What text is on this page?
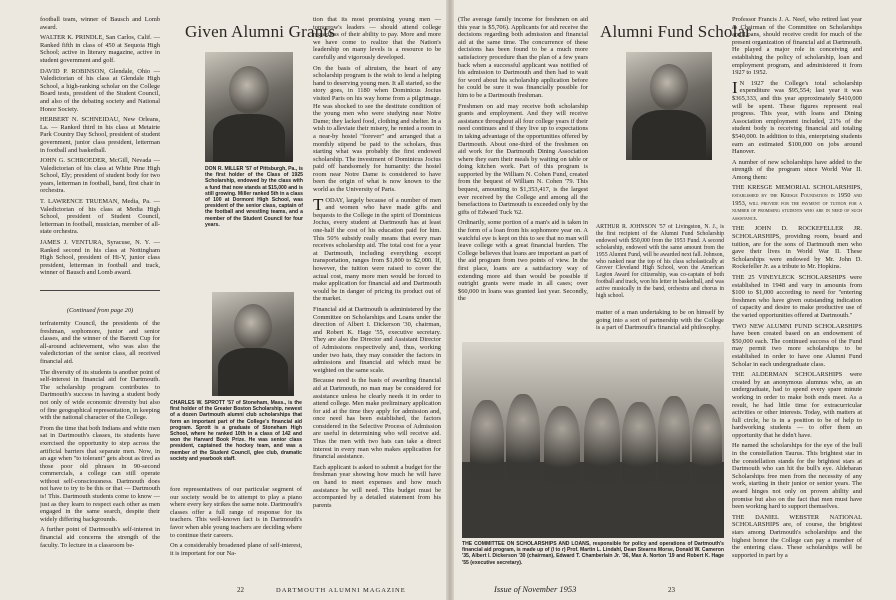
football team, winner of Bausch and Lomb award.

WALTER K. PRINDLE, San Carlos, Calif. — Ranked fifth in class of 450 at Sequoia High School; active in literary magazine, active in student government and golf.

DAVID P. ROBINSON, Glendale, Ohio — Valedictorian of his class at Glendale High School, a high-ranking scholar on the College Board tests, president of the Student Council, and also of the debating society and National Honor Society.

HERBERT N. SCHNEIDAU, New Orleans, La. — Ranked third in his class at Metairie Park Country Day School, president of student government, junior class president, letterman in football and basketball.

JOHN G. SCHROEDER, McGill, Nevada — Valedictorian of his class at White Pine High School, Ely; president of student body for two years, letterman in football, band, first chair in orchestra.

T. LAWRENCE TRUEMAN, Media, Pa. — Valedictorian of his class at Media High School, president of Student Council, letterman in football, musician, member of all-state orchestra.

JAMES J. VENTURA, Syracuse, N. Y. — Ranked second in his class at Nottingham High School, president of Hi-Y, junior class president, letterman in football and track, winner of Bausch and Lomb award.

(Continued from page 20)

terfraternity Council, the presidents of the freshman, sophomore, junior and senior classes, and the winner of the Barrett Cup for all-around achievement, who was also the valedictorian of the senior class, all received financial aid.

The diversity of its students is another point of self-interest in financial aid for Dartmouth. The scholarship program contributes to Dartmouth's success in having a student body not only of wide economic diversity but also of fine geographical representation, in keeping with the national character of the College.

From the time that both Indians and white men sat in Dartmouth's classes, its students have exercised the opportunity to step across the artificial barriers that separate men. Now, in an age when "to tolerant" gets about as tired as those poor old phrases in 90-second commercials, a college can still operate without self-consciousness. Dartmouth does not have to try to be this or that — Dartmouth is! This. Dartmouth students come to know — just as they learn to respect each other as men engaged in the same search, despite their widely differing backgrounds.

A further point of Dartmouth's self-interest in financial aid concerns the strength of the faculty. To lecture in a classroom be-

Given Alumni Grants
DON R. MILLER '57 of Pittsburgh, Pa., is the first holder of the Class of 1925 Scholarship, endowed by the class with a fund that now stands at $15,000 and is still growing. Miller ranked 5th in a class of 100 at Dormont High School, was president of the senior class, captain of the football and wrestling teams, and a member of the Student Council for four years.
CHARLES W. SPROTT '57 of Stoneham, Mass., is the first holder of the Greater Boston Scholarship, newest of a dozen Dartmouth alumni club scholarships that form an important part of the College's financial aid program. Sprott is a graduate of Stoneham High School, where he ranked 10th in a class of 142 and won the Harvard Book Prize. He was senior class president, captained the hockey team, and was a member of the Student Council, glee club, dramatic society and yearbook staff.

fore representatives of our particular segment of our society would be to attempt to play a piano where every key strikes the same note. Dartmouth's classes offer a full range of response for its teachers. This well-known fact is in Dartmouth's favor when able young teachers are deciding where to continue their careers.

On a considerably broadened plane of self-interest, it is important for our Na-

tion that its most promising young men — tomorrow's leaders — should attend college regardless of their ability to pay. More and more we have come to realize that the Nation's leadership on many levels is a resource to be carefully and vigorously developed.

On the basis of altruism, the heart of any scholarship program is the wish to lend a helping hand to deserving young men. It all started, so the story goes, in 1180 when Dominicus Jocius visited Paris on his way home from a pilgrimage. He was shocked to see the destitute condition of the young men who were studying near Notre Dame; they lacked food, clothing and shelter. In a wish to alleviate their misery, he rented a room in a near-by hostel "forever" and arranged that a monthly stipend be paid to the scholars, thus starting what was probably the first endowed scholarship. The investment of Dominicus Jocius paid off handsomely for humanity: the hostel room near Notre Dame is considered to have been the origin of what is now known to the world as the University of Paris.

TODAY, largely because of a number of men and women who have made gifts and bequests to the College in the spirit of Dominicus Jocius, every student at Dartmouth has at least one-half the cost of his education paid for him. This 50% subsidy really means that every man receives scholarship aid. The total cost for a year at Dartmouth, including everything except transportation, ranges from $1,800 to $2,000. If, however, the tuition were raised to cover the actual cost, many more men would be forced to make application for financial aid and Dartmouth would be in danger of pricing its product out of the market.

Financial aid at Dartmouth is administered by the Committee on Scholarships and Loans under the direction of Albert I. Dickerson '30, chairman, and Robert K. Hage '55, executive secretary. They are also the Director and Assistant Director of Admissions respectively and, thus, working under two hats, they may consider the factors in admissions and financial aid which must be weighted on the same scale.

Because need is the basis of awarding financial aid at Dartmouth, no man may be considered for assistance unless he clearly needs it in order to attend college. Men make preliminary application for aid at the time they apply for admission and, once need has been established, the factors considered in the Selective Process of Admission are useful in determining who will receive aid. Thus the men with two hats can take a direct interest in every man who makes application for financial assistance.

Each applicant is asked to submit a budget for the freshman year showing how much he will have on hand to meet expenses and how much assistance he will need. This budget must be accompanied by a detailed statement from his parents

22	DARTMOUTH ALUMNI MAGAZINE

(The average family income for freshmen on aid this year is $5,706). Applicants for aid receive the decisions regarding both admission and financial aid at the same time. The concurrence of these decisions has been found to be a much more satisfactory procedure than the plan of a few years back when a successful applicant was notified of his admission to Dartmouth and then had to wait for word about his scholarship application before he could be sure it was financially possible for him to be a Dartmouth freshman.

Freshmen on aid may receive both scholarship grants and employment. And they will receive assistance throughout all four college years if their need continues and if they live up to expectations in taking advantage of the opportunities offered by Dartmouth. About one-third of the freshmen on aid work for the Dartmouth Dining Association where they earn their meals by waiting on table or doing kitchen work. Part of this program is supported by the William N. Cohen Fund, created from the bequest of William N. Cohen '79. This bequest, amounting to $1,353,417, is the largest ever received by the College and among all the benefactions to Dartmouth is exceeded only by the gifts of Edward Tuck '62.

Ordinarily, some portion of a man's aid is taken in the form of a loan from his sophomore year on. A watchful eye is kept on this to see that no man will leave college with a great financial burden. The College believes that loans are important as part of the aid program from two points of view. In the first place, loans are a satisfactory way of extending more aid than would be possible if outright grants were made in all cases; over $60,000 in loans was granted last year. Secondly, the

Alumni Fund Scholar
ARTHUR R. JOHNSON '57 of Livingston, N. J., is the first recipient of the Alumni Fund Scholarship endowed with $50,000 from the 1953 Fund. A second scholarship, endowed with the same amount from the 1955 Alumni Fund, will be awarded next fall. Johnson, who ranked near the top of his class scholastically at Grover Cleveland High School, won the American Legion Award for citizenship, was co-captain of both football and track, won his letter in basketball, and was active musically in the band, orchestra and chorus in high school.
matter of a man undertaking to be on himself by going into a sort of partnership with the College is a part of Dartmouth's financial aid philosophy.
THE COMMITTEE ON SCHOLARSHIPS AND LOANS, responsible for policy and operations of Dartmouth's financial aid program, is made up of (l to r) Prof. Martin L. Lindahl, Dean Stearns Morse, Donald W. Cameron '35, Albert I. Dickerson '30 (chairman), Edward T. Chamberlain Jr. '36, Max A. Norton '19 and Robert K. Hage '55 (executive secretary).

Professor Francis J. A. Neef, who retired last year as Chairman of the Committee on Scholarships and Loans, should receive credit for much of the present organization of financial aid at Dartmouth. He played a major role in conceiving and establishing the policy of scholarship, loan and employment program, and administered it from 1927 to 1952.

I N 1927 the College's total scholarship expenditure was $95,554; last year it was $365,333, and this year approximately $410,000 will be spent. These figures represent real progress. This year, with loans and Dining Association employment included, 21% of the student body is receiving financial aid totaling $540,000. In addition to this, enterprising students earn an estimated $100,000 on jobs around Hanover.

A number of new scholarships have added to the strength of the program since World War II. Among them:

THE KRESGE MEMORIAL SCHOLARSHIPS, established by the Kresge Foundation in 1950 and 1953, will provide for the payment of tuition for a number of promising students who are in need of such assistance.

THE JOHN D. ROCKEFELLER JR. SCHOLARSHIPS, providing room, board and tuition, are for the sons of Dartmouth men who gave their lives in World War II. These Scholarships were endowed by Mr. John D. Rockefeller Jr. as a tribute to Mr. Hopkins.

THE 25 VINEYLECK SCHOLARSHIPS were established in 1948 and vary in amounts from $100 to $1,000 according to need for "entering freshmen who have given outstanding indication of capacity and desire to make productive use of the varied opportunities offered at Dartmouth."

TWO NEW ALUMNI FUND SCHOLARSHIPS have been created based on an endowment of $50,000 each. The continued success of the Fund may permit two more scholarships to be established in order to have one Alumni Fund Scholar in each undergraduate class.

THE ALDERMAN SCHOLARSHIPS were created by an anonymous alumnus who, as an undergraduate, had to spend every spare minute working in order to make both ends meet. As a result, he had little time for extracurricular activities or other interests. Today, with matters at full circle, he is in a position to be of help to hardworking students — to offer them an opportunity that he didn't have.

He named the scholarships for the eye of the bull in the constellation Taurus. This brightest star in the constellation stands for the brightest stars at Dartmouth who can hit the bull's eye. Aldebaran Scholarships free men from the necessity of any work, starting in their junior or senior years. The award hinges not only on proven ability and promise but also on the fact that men must have been working hard to support themselves.

THE DANIEL WEBSTER NATIONAL SCHOLARSHIPS are, of course, the brightest stars among Dartmouth's scholarships and the highest honor the College can pay a member of the entering class. These scholarships will be supported in part by a

Issue of November 1953	23
